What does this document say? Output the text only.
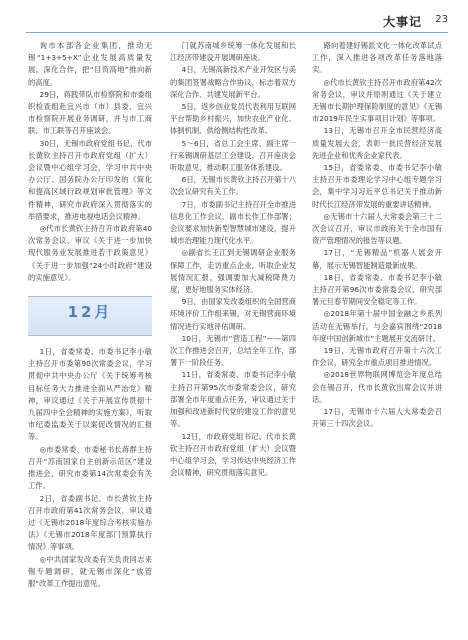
大事记 23

询市本部各企业集团，推动无锡“1+3+5+X”企业发展高质量发展，深化合作，把“目资高地”推向新的高度。

29日，蒋践带队市检察院和市委组织检查组赴宜兴市（市）县委、宜兴市检察院开展业务调研，并与市工商联、市工联等召开座谈会。

30日，无锡市政府党组书记、代市长黄钦主持召开市政府党组（扩大）会议暨中心组学习会，学习中共中央办公厅、国务院办公厅印发的《简化和提高区域行政规划审批管理》等文件精神，研究市政府深入贯彻落实的举措要求，推进电视电话会议精神。

◎代市长黄钦主持召开市政府第40次常务会议，审议《关于进一步加快现代服务业发展推进若干政策意见》《关于进一步加强“24小时政府”建设的实施意见》。

12月

1日，省委常委、市委书记李小敏主持召开市委第90次常委会议，学习贯彻中共中央办公厅《关于统筹考核目标任务大力推进全面从严治党》精神，审议通过《关于开展宣传贯彻十九届四中全会精神的实施方案》，听取市纪委监委关于以案促改情况的汇报等。

◎市委常委、市委秘书长蒋群主持召开“苏南国家自主创新示范区”建设推进会，研究市委第14次常委会有关工作。

2日，省委副书记、市长黄钦主持召开市政府第41次常务会议，审议通过《无锡市2018年度综合考核实施办法》《无锡市2018年度部门预算执行情况》等事项。

◎中共国家发改委有关负责同志来锡专题调研，就无锡市深化“放管服”改革工作提出意见。

门就苏南城乡统筹一体化发展和长江经济带建设开展调研座谈。

4日，无锡高新技术产业开发区与美的集团签署战略合作协议，标志着双方深化合作、共建发展新平台。

5日，返乡创业党员代表利用互联网平台帮助乡村振兴，加快农业产业化、体制机制、供给侧结构性改革。

5～6日，省总工会主席、副主席一行来锡调研基层工会建设，召开座谈会听取意见，推动职工服务体系建设。

6日，无锡市长黄钦主持召开第十八次会议研究有关工作。

7日，市委副书记主持召开全市推进信息化工作会议，副市长作工作部署；会议要求加快新型智慧城市建设，提升城市治理能力现代化水平。

◎副省长王江到无锡调研企业服务保障工作，走访重点企业，听取企业发展情况汇报，强调要加大减税降费力度，更好地服务实体经济。

9日，由国家发改委组织的全国营商环境评价工作组来锡，对无锡营商环境情况进行实地评估调研。

10日，无锡市“营造工程”——第四次工作推进会召开，总结全年工作，部署下一阶段任务。

11日，省委常委、市委书记李小敏主持召开第95次市委常委会议，研究部署全市年度重点任务，审议通过关于加强和改进新时代党的建设工作的意见等。

12日，市政府党组书记、代市长黄钦主持召开市政府党组（扩大）会议暨中心组学习会，学习传达中央经济工作会议精神，研究贯彻落实意见。

路向着建好锡派文化一体化改革试点工作，深入推进各项改革任务落地落实。

◎代市长黄钦主持召开市政府第42次常务会议，审议并原则通过《关于建立无锡市长期护理保险制度的意见》《无锡市2019年民生实事项目计划》等事项。

13日，无锡市召开全市民营经济高质量发展大会，表彰一批民营经济发展先进企业和优秀企业家代表。

15日，省委常委、市委书记李小敏主持召开市委理论学习中心组专题学习会，集中学习习近平总书记关于推动新时代长江经济带发展的重要讲话精神。

◎无锡市十六届人大常委会第三十二次会议召开，审议市政府关于全市国有资产管理情况的报告等议题。

17日，“无锡精品”机器人展会开幕，展示无锡智能制造最新成果。

18日，省委常委、市委书记李小敏主持召开第96次市委常委会议，研究部署元旦春节期间安全稳定等工作。

◎2018年第十届中国金融之乡系列活动在无锡举行，与会嘉宾围绕“2018年度中国创新城市”主题展开交流研讨。

19日，无锡市政府召开第十六次工作会议，研究全市重点项目推进情况。

◎2018世界物联网博览会年度总结会在锡召开，代市长黄钦出席会议并讲话。

17日，无锡市十六届人大常委会召开第三十四次会议。
